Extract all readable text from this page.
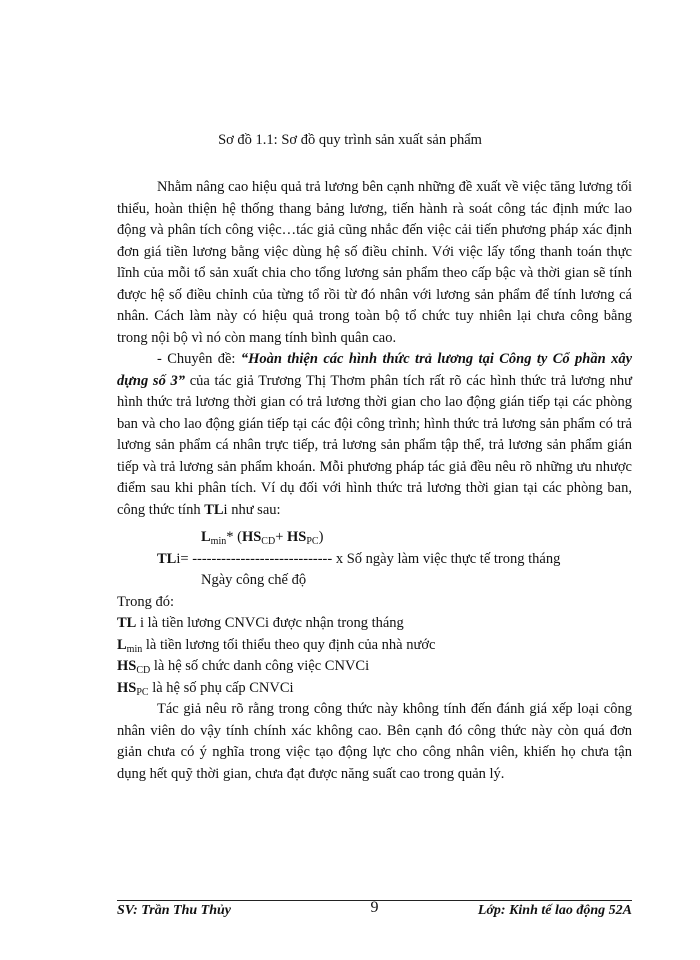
Sơ đồ 1.1: Sơ đồ quy trình sản xuất sản phẩm

Nhằm nâng cao hiệu quả trả lương bên cạnh những đề xuất về việc tăng lương tối thiểu, hoàn thiện hệ thống thang bảng lương, tiến hành rà soát công tác định mức lao động và phân tích công việc…tác giả cũng nhắc đến việc cải tiến phương pháp xác định đơn giá tiền lương bằng việc dùng hệ số điều chỉnh. Với việc lấy tổng thanh toán thực lĩnh của mỗi tổ sản xuất chia cho tổng lương sản phẩm theo cấp bậc và thời gian sẽ tính được hệ số điều chỉnh của từng tổ rồi từ đó nhân với lương sản phẩm để tính lương cá nhân. Cách làm này có hiệu quả trong toàn bộ tổ chức tuy nhiên lại chưa công bằng trong nội bộ vì nó còn mang tính bình quân cao.

- Chuyên đề: “Hoàn thiện các hình thức trả lương tại Công ty Cổ phần xây dựng số 3” của tác giả Trương Thị Thơm phân tích rất rõ các hình thức trả lương như hình thức trả lương thời gian có trả lương thời gian cho lao động gián tiếp tại các phòng ban và cho lao động gián tiếp tại các đội công trình; hình thức trả lương sản phẩm có trả lương sản phẩm cá nhân trực tiếp, trả lương sản phẩm tập thể, trả lương sản phẩm gián tiếp và trả lương sản phẩm khoán. Mỗi phương pháp tác giả đều nêu rõ những ưu nhược điểm sau khi phân tích. Ví dụ đối với hình thức trả lương thời gian tại các phòng ban, công thức tính TLi như sau:

$L_{min}*$ $(HS_{CD}+ HS_{PC})$

TLi= ----------------------------- x Số ngày làm việc thực tế trong tháng

Ngày công chế độ

Trong đó:

TL i là tiền lương CNVCi được nhận trong tháng

$L_{min}$ là tiền lương tối thiểu theo quy định của nhà nước

$HS_{CD}$ là hệ số chức danh công việc CNVCi

$HS_{PC}$ là hệ số phụ cấp CNVCi

Tác giả nêu rõ rằng trong công thức này không tính đến đánh giá xếp loại công nhân viên do vậy tính chính xác không cao. Bên cạnh đó công thức này còn quá đơn giản chưa có ý nghĩa trong việc tạo động lực cho công nhân viên, khiến họ chưa tận dụng hết quỹ thời gian, chưa đạt được năng suất cao trong quản lý.

SV: Trần Thu Thủy	9	Lớp: Kinh tế lao động 52A
